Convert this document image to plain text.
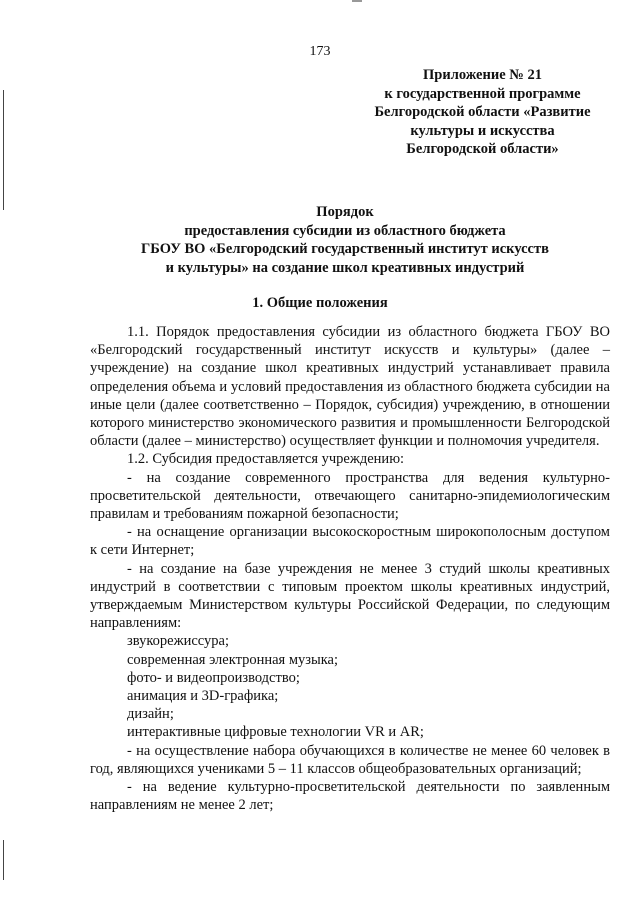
173
Приложение № 21
к государственной программе
Белгородской области «Развитие
культуры и искусства
Белгородской области»
Порядок
предоставления субсидии из областного бюджета
ГБОУ ВО «Белгородский государственный институт искусств
и культуры» на создание школ креативных индустрий
1. Общие положения

1.1. Порядок предоставления субсидии из областного бюджета ГБОУ ВО «Белгородский государственный институт искусств и культуры» (далее – учреждение) на создание школ креативных индустрий устанавливает правила определения объема и условий предоставления из областного бюджета субсидии на иные цели (далее соответственно – Порядок, субсидия) учреждению, в отношении которого министерство экономического развития и промышленности Белгородской области (далее – министерство) осуществляет функции и полномочия учредителя.

1.2. Субсидия предоставляется учреждению:

- на создание современного пространства для ведения культурно-просветительской деятельности, отвечающего санитарно-эпидемиологическим правилам и требованиям пожарной безопасности;

- на оснащение организации высокоскоростным широкополосным доступом к сети Интернет;

- на создание на базе учреждения не менее 3 студий школы креативных индустрий в соответствии с типовым проектом школы креативных индустрий, утверждаемым Министерством культуры Российской Федерации, по следующим направлениям:

звукорежиссура;

современная электронная музыка;

фото- и видеопроизводство;

анимация и 3D-графика;

дизайн;

интерактивные цифровые технологии VR и AR;

- на осуществление набора обучающихся в количестве не менее 60 человек в год, являющихся учениками 5 – 11 классов общеобразовательных организаций;

- на ведение культурно-просветительской деятельности по заявленным направлениям не менее 2 лет;
